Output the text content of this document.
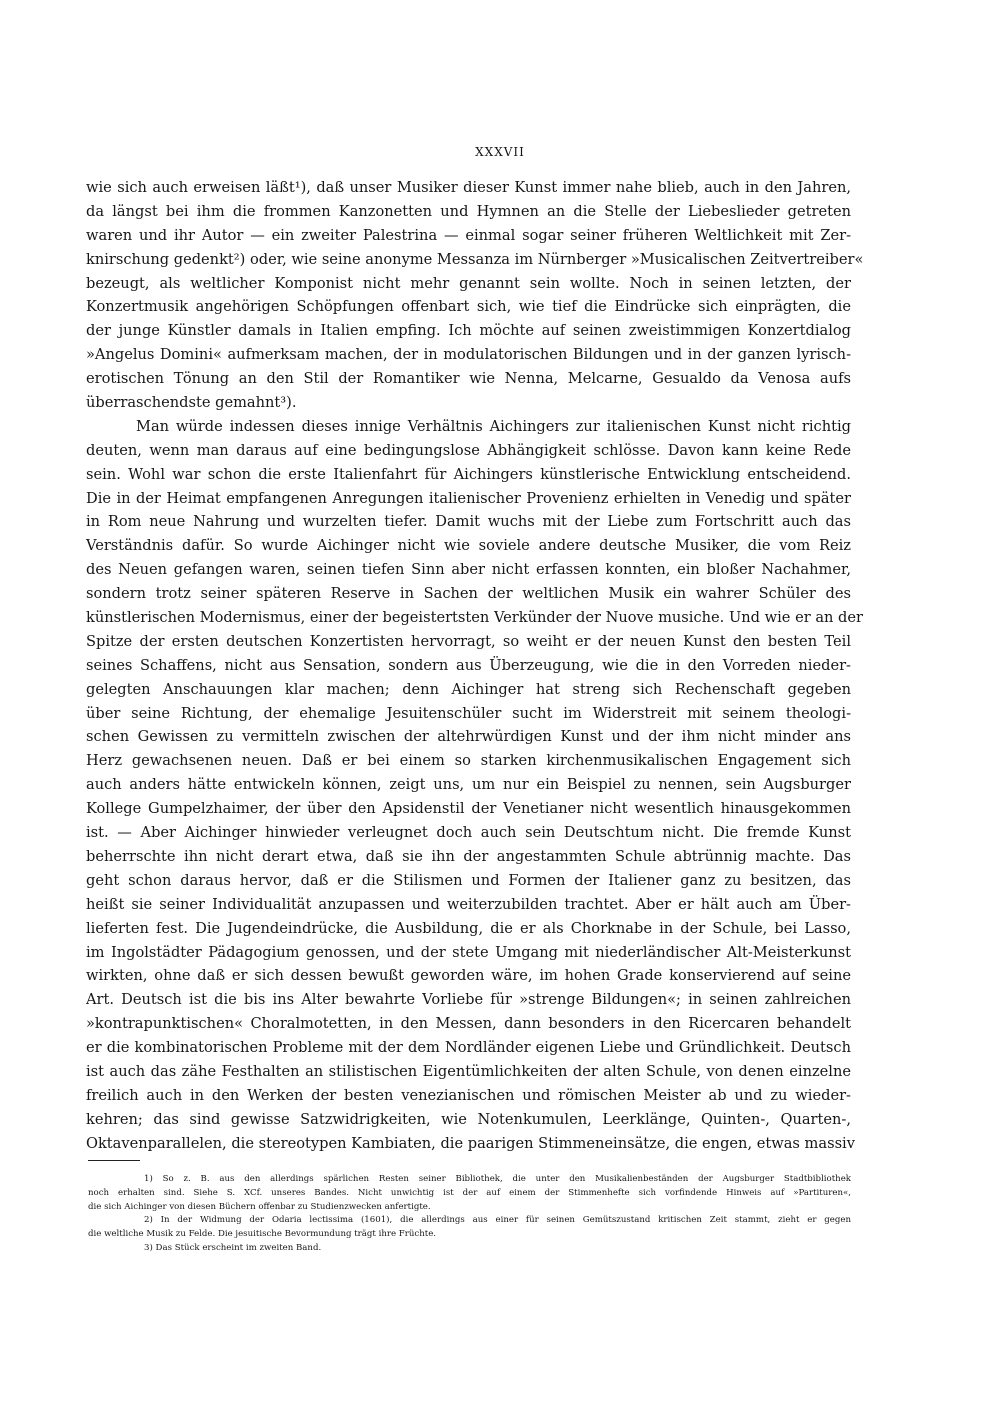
XXXVII
wie sich auch erweisen läßt¹), daß unser Musiker dieser Kunst immer nahe blieb, auch in den Jahren,
da längst bei ihm die frommen Kanzonetten und Hymnen an die Stelle der Liebeslieder getreten
waren und ihr Autor — ein zweiter Palestrina — einmal sogar seiner früheren Weltlichkeit mit Zer-
knirschung gedenkt²) oder, wie seine anonyme Messanza im Nürnberger »Musicalischen Zeitvertreiber«
bezeugt, als weltlicher Komponist nicht mehr genannt sein wollte. Noch in seinen letzten, der
Konzertmusik angehörigen Schöpfungen offenbart sich, wie tief die Eindrücke sich einprägten, die
der junge Künstler damals in Italien empfing. Ich möchte auf seinen zweistimmigen Konzertdialog
»Angelus Domini« aufmerksam machen, der in modulatorischen Bildungen und in der ganzen lyrisch-
erotischen Tönung an den Stil der Romantiker wie Nenna, Melcarne, Gesualdo da Venosa aufs
überraschendste gemahnt³).
Man würde indessen dieses innige Verhältnis Aichingers zur italienischen Kunst nicht richtig
deuten, wenn man daraus auf eine bedingungslose Abhängigkeit schlösse. Davon kann keine Rede
sein. Wohl war schon die erste Italienfahrt für Aichingers künstlerische Entwicklung entscheidend.
Die in der Heimat empfangenen Anregungen italienischer Provenienz erhielten in Venedig und später
in Rom neue Nahrung und wurzelten tiefer. Damit wuchs mit der Liebe zum Fortschritt auch das
Verständnis dafür. So wurde Aichinger nicht wie soviele andere deutsche Musiker, die vom Reiz
des Neuen gefangen waren, seinen tiefen Sinn aber nicht erfassen konnten, ein bloßer Nachahmer,
sondern trotz seiner späteren Reserve in Sachen der weltlichen Musik ein wahrer Schüler des
künstlerischen Modernismus, einer der begeistertsten Verkünder der Nuove musiche. Und wie er an der
Spitze der ersten deutschen Konzertisten hervorragt, so weiht er der neuen Kunst den besten Teil
seines Schaffens, nicht aus Sensation, sondern aus Überzeugung, wie die in den Vorreden nieder-
gelegten Anschauungen klar machen; denn Aichinger hat streng sich Rechenschaft gegeben
über seine Richtung, der ehemalige Jesuitenschüler sucht im Widerstreit mit seinem theologi-
schen Gewissen zu vermitteln zwischen der altehrwürdigen Kunst und der ihm nicht minder ans
Herz gewachsenen neuen. Daß er bei einem so starken kirchenmusikalischen Engagement sich
auch anders hätte entwickeln können, zeigt uns, um nur ein Beispiel zu nennen, sein Augsburger
Kollege Gumpelzhaimer, der über den Apsidenstil der Venetianer nicht wesentlich hinausgekommen
ist. — Aber Aichinger hinwieder verleugnet doch auch sein Deutschtum nicht. Die fremde Kunst
beherrschte ihn nicht derart etwa, daß sie ihn der angestammten Schule abtrünnig machte. Das
geht schon daraus hervor, daß er die Stilismen und Formen der Italiener ganz zu besitzen, das
heißt sie seiner Individualität anzupassen und weiterzubilden trachtet. Aber er hält auch am Über-
lieferten fest. Die Jugendeindrücke, die Ausbildung, die er als Chorknabe in der Schule, bei Lasso,
im Ingolstädter Pädagogium genossen, und der stete Umgang mit niederländischer Alt-Meisterkunst
wirkten, ohne daß er sich dessen bewußt geworden wäre, im hohen Grade konservierend auf seine
Art. Deutsch ist die bis ins Alter bewahrte Vorliebe für »strenge Bildungen«; in seinen zahlreichen
»kontrapunktischen« Choralmotetten, in den Messen, dann besonders in den Ricercaren behandelt
er die kombinatorischen Probleme mit der dem Nordländer eigenen Liebe und Gründlichkeit. Deutsch
ist auch das zähe Festhalten an stilistischen Eigentümlichkeiten der alten Schule, von denen einzelne
freilich auch in den Werken der besten venezianischen und römischen Meister ab und zu wieder-
kehren; das sind gewisse Satzwidrigkeiten, wie Notenkumulen, Leerklänge, Quinten-, Quarten-,
Oktavenparallelen, die stereotypen Kambiaten, die paarigen Stimmeneinsätze, die engen, etwas massiv
1) So z. B. aus den allerdings spärlichen Resten seiner Bibliothek, die unter den Musikalienbeständen der Augsburger Stadtbibliothek
noch erhalten sind. Siehe S. XCf. unseres Bandes. Nicht unwichtig ist der auf einem der Stimmenhefte sich vorfindende Hinweis auf »Partituren«,
die sich Aichinger von diesen Büchern offenbar zu Studienzwecken anfertigte.
2) In der Widmung der Odaria lectissima (1601), die allerdings aus einer für seinen Gemütszustand kritischen Zeit stammt, zieht er gegen
die weltliche Musik zu Felde. Die jesuitische Bevormundung trägt ihre Früchte.
3) Das Stück erscheint im zweiten Band.
